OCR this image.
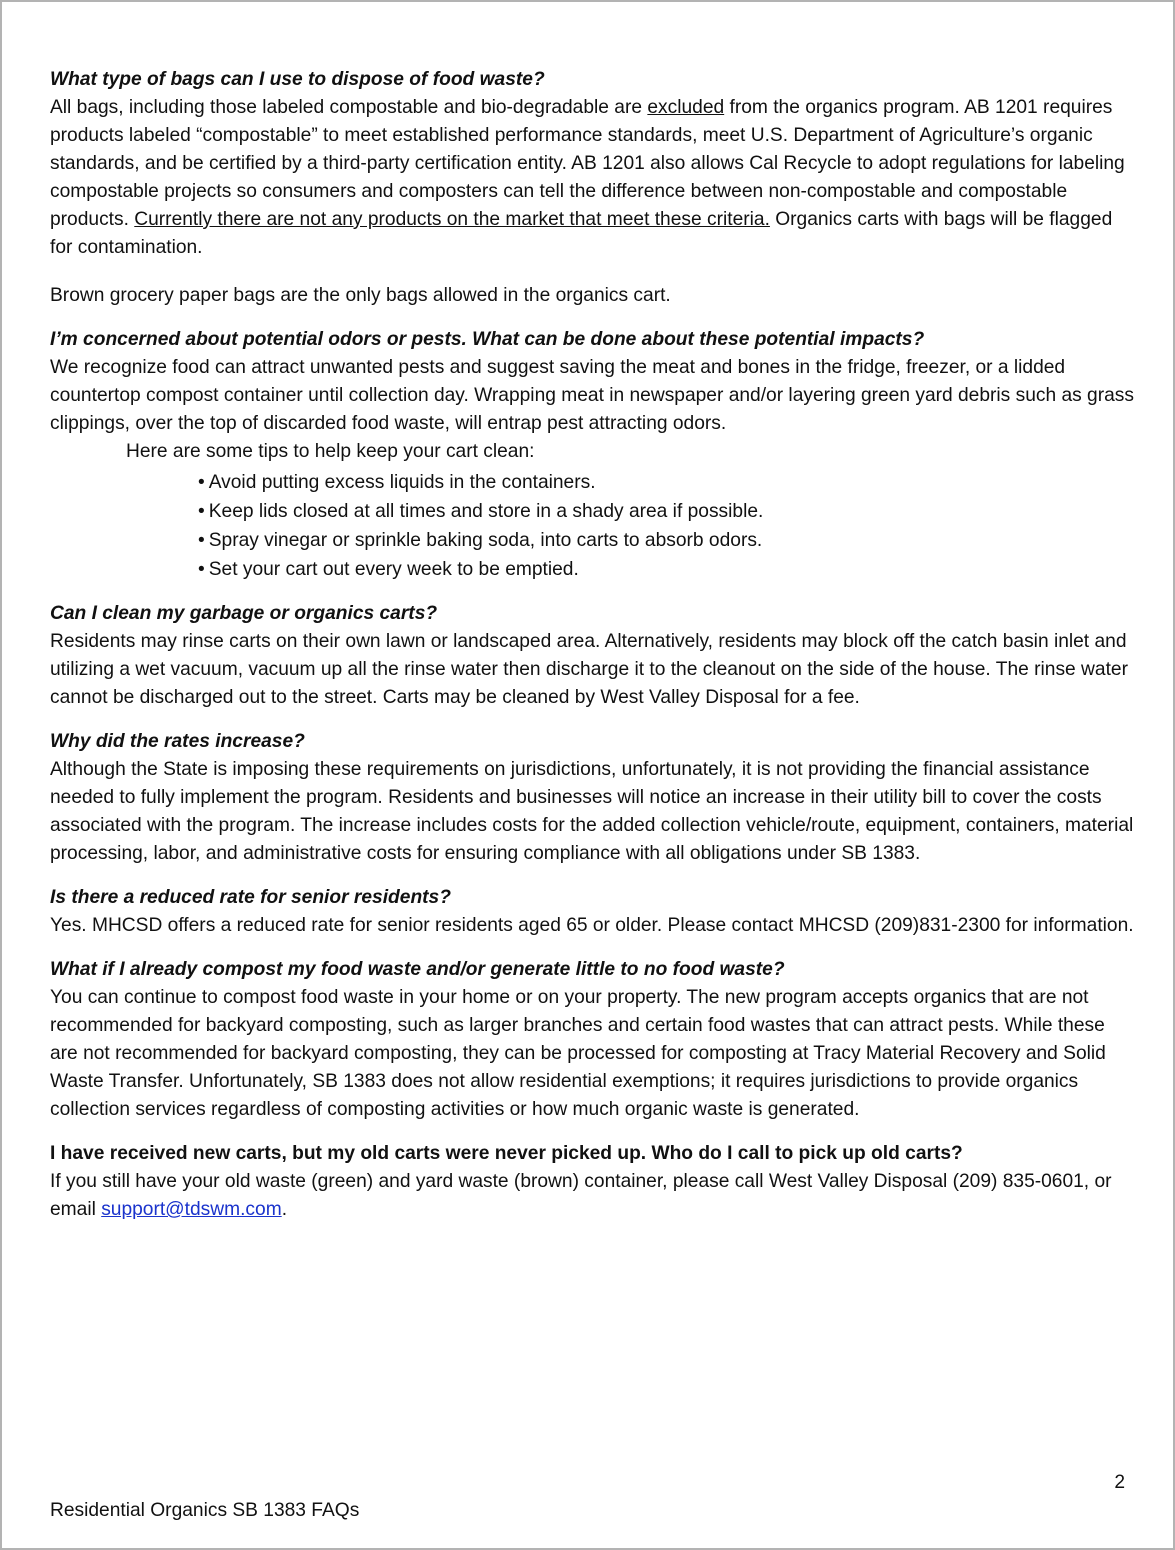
What type of bags can I use to dispose of food waste?

All bags, including those labeled compostable and bio-degradable are excluded from the organics program. AB 1201 requires products labeled “compostable” to meet established performance standards, meet U.S. Department of Agriculture’s organic standards, and be certified by a third-party certification entity. AB 1201 also allows Cal Recycle to adopt regulations for labeling compostable projects so consumers and composters can tell the difference between non-compostable and compostable products. Currently there are not any products on the market that meet these criteria. Organics carts with bags will be flagged for contamination.

Brown grocery paper bags are the only bags allowed in the organics cart.

I’m concerned about potential odors or pests. What can be done about these potential impacts?

We recognize food can attract unwanted pests and suggest saving the meat and bones in the fridge, freezer, or a lidded countertop compost container until collection day. Wrapping meat in newspaper and/or layering green yard debris such as grass clippings, over the top of discarded food waste, will entrap pest attracting odors.

Here are some tips to help keep your cart clean:

• Avoid putting excess liquids in the containers.
• Keep lids closed at all times and store in a shady area if possible.
• Spray vinegar or sprinkle baking soda, into carts to absorb odors.
• Set your cart out every week to be emptied.

Can I clean my garbage or organics carts?

Residents may rinse carts on their own lawn or landscaped area. Alternatively, residents may block off the catch basin inlet and utilizing a wet vacuum, vacuum up all the rinse water then discharge it to the cleanout on the side of the house. The rinse water cannot be discharged out to the street. Carts may be cleaned by West Valley Disposal for a fee.

Why did the rates increase?

Although the State is imposing these requirements on jurisdictions, unfortunately, it is not providing the financial assistance needed to fully implement the program. Residents and businesses will notice an increase in their utility bill to cover the costs associated with the program. The increase includes costs for the added collection vehicle/route, equipment, containers, material processing, labor, and administrative costs for ensuring compliance with all obligations under SB 1383.

Is there a reduced rate for senior residents?

Yes. MHCSD offers a reduced rate for senior residents aged 65 or older. Please contact MHCSD (209)831-2300 for information.

What if I already compost my food waste and/or generate little to no food waste?

You can continue to compost food waste in your home or on your property. The new program accepts organics that are not recommended for backyard composting, such as larger branches and certain food wastes that can attract pests. While these are not recommended for backyard composting, they can be processed for composting at Tracy Material Recovery and Solid Waste Transfer. Unfortunately, SB 1383 does not allow residential exemptions; it requires jurisdictions to provide organics collection services regardless of composting activities or how much organic waste is generated.

I have received new carts, but my old carts were never picked up. Who do I call to pick up old carts?

If you still have your old waste (green) and yard waste (brown) container, please call West Valley Disposal (209) 835-0601, or email support@tdswm.com.

2
Residential Organics SB 1383 FAQs
